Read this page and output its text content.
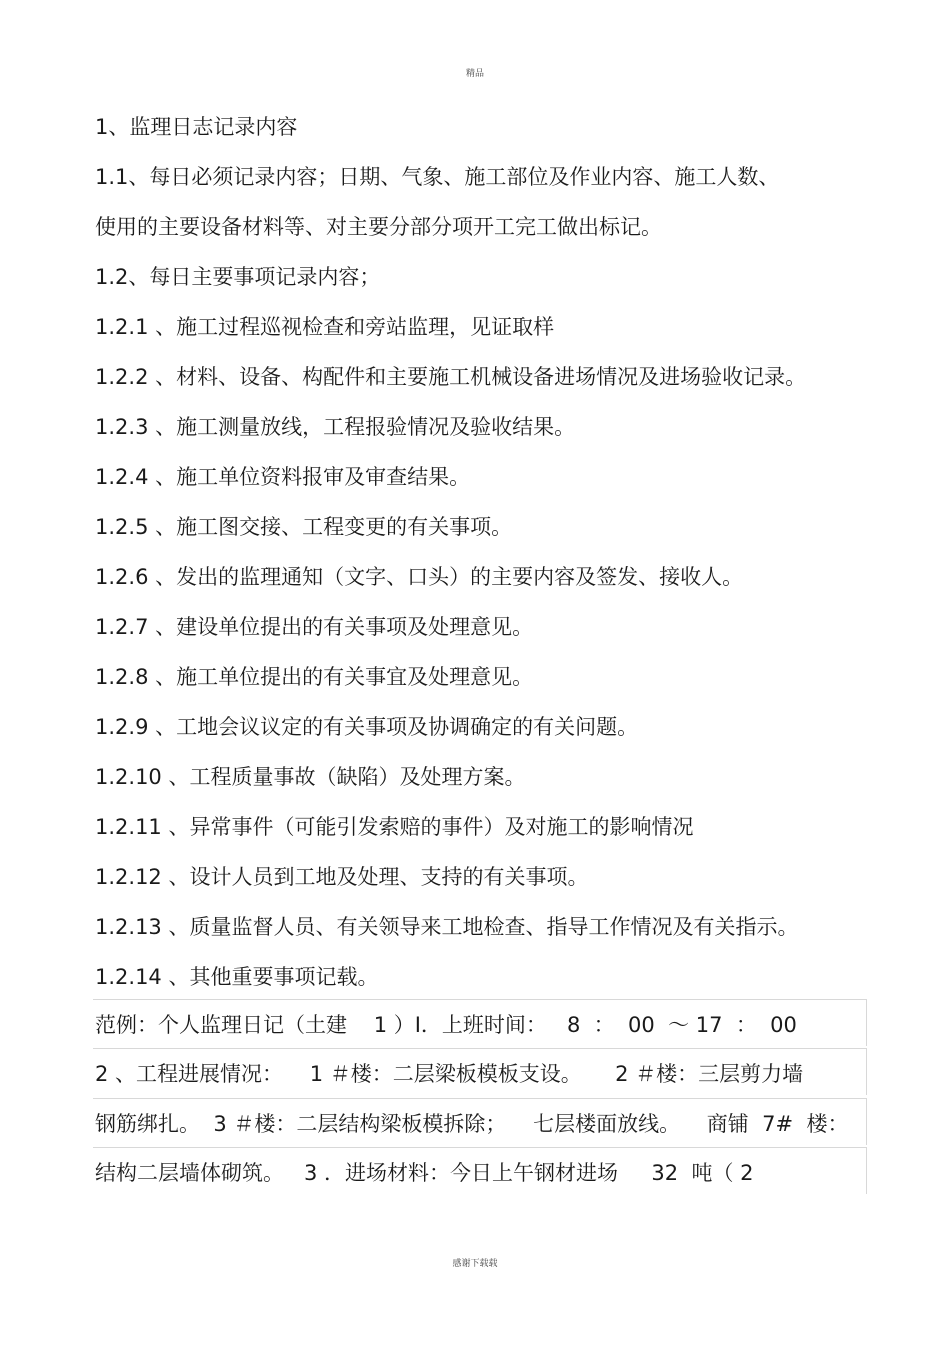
精品
1、监理日志记录内容
1.1、每日必须记录内容；日期、气象、施工部位及作业内容、施工人数、
使用的主要设备材料等、对主要分部分项开工完工做出标记。
1.2、每日主要事项记录内容；
1.2.1 、施工过程巡视检查和旁站监理，见证取样
1.2.2 、材料、设备、构配件和主要施工机械设备进场情况及进场验收记录。
1.2.3 、施工测量放线，工程报验情况及验收结果。
1.2.4 、施工单位资料报审及审查结果。
1.2.5 、施工图交接、工程变更的有关事项。
1.2.6 、发出的监理通知（文字、口头）的主要内容及签发、接收人。
1.2.7 、建设单位提出的有关事项及处理意见。
1.2.8 、施工单位提出的有关事宜及处理意见。
1.2.9 、工地会议议定的有关事项及协调确定的有关问题。
1.2.10 、工程质量事故（缺陷）及处理方案。
1.2.11 、异常事件（可能引发索赔的事件）及对施工的影响情况
1.2.12 、设计人员到工地及处理、支持的有关事项。
1.2.13 、质量监督人员、有关领导来工地检查、指导工作情况及有关指示。
1.2.14 、其他重要事项记载。
范例：个人监理日记（土建    1 ）Ⅰ．上班时间：   8  ：  00  ～ 17  ：  00
2 、工程进展情况：    1 ＃楼：二层梁板模板支设。     2 ＃楼：三层剪力墙
钢筋绑扎。  3 ＃楼：二层结构梁板模拆除；    七层楼面放线。    商铺  7#  楼：
结构二层墙体砌筑。   3 ．进场材料：今日上午钢材进场     32  吨（ 2
感谢下载载
